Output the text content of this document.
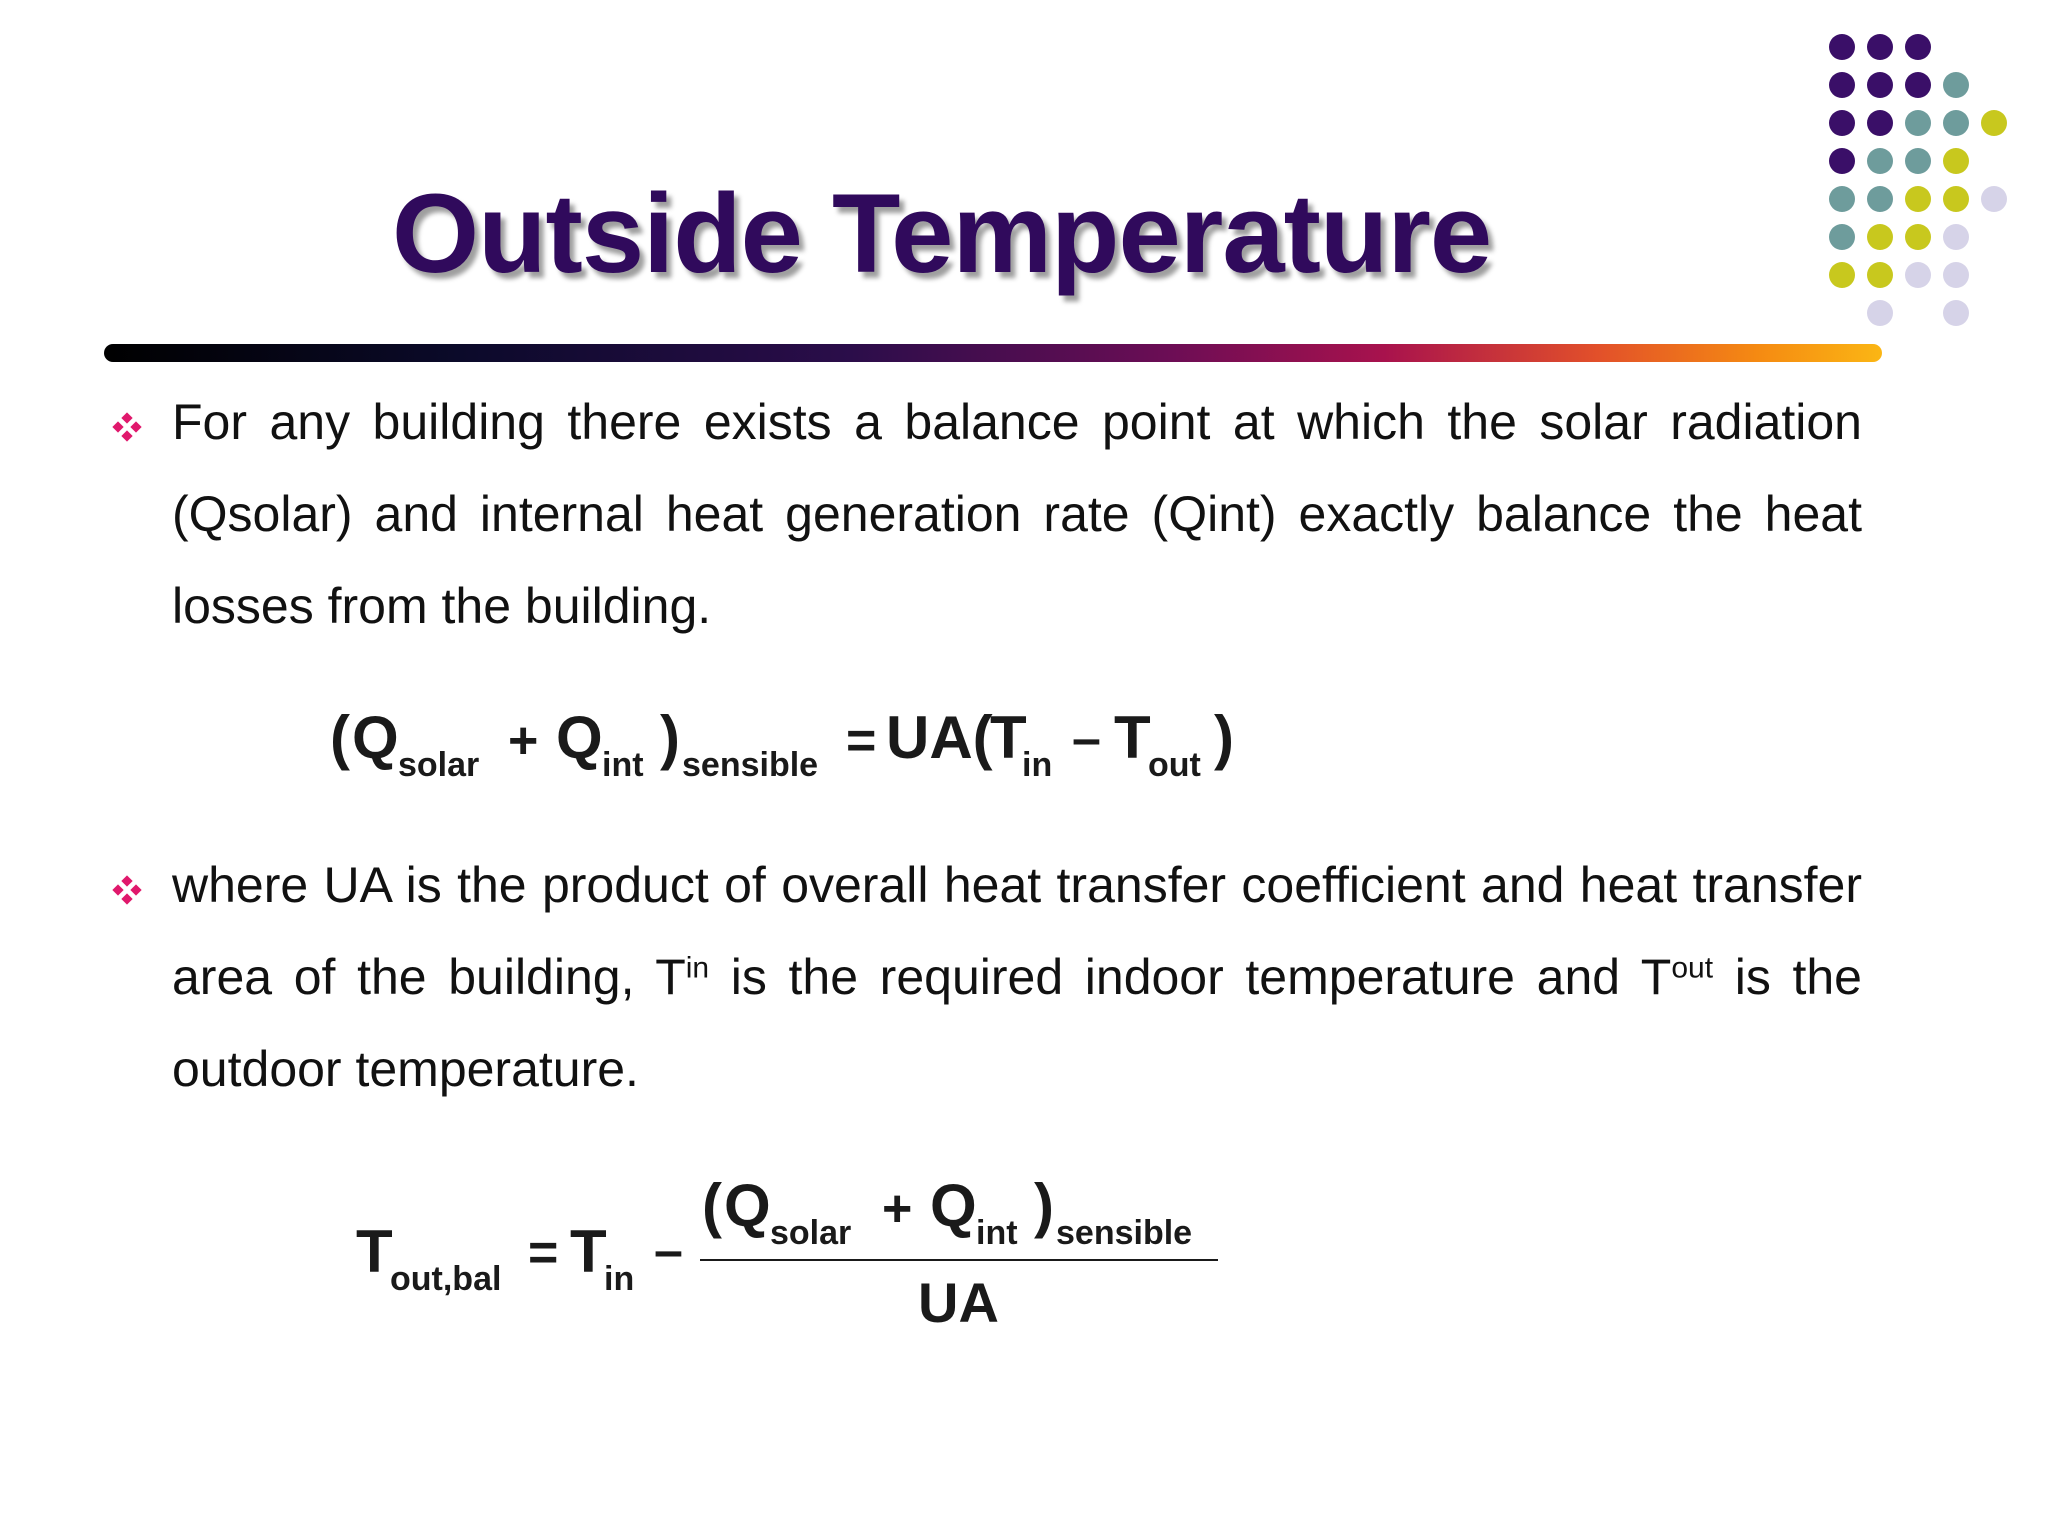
Outside Temperature
For any building there exists a balance point at which the solar radiation (Qsolar) and internal heat generation rate (Qint) exactly balance the heat losses from the building.
( Q solar + Q int ) sensible = UA(
T
in – T
out )
where UA is the product of overall heat transfer coefficient and heat transfer area of the building, $T^{in}$ is the required indoor temperature and $T^{out}$ is the outdoor temperature.
T
out,bal = T
in –
( Q solar + Q int ) sensible
UA
